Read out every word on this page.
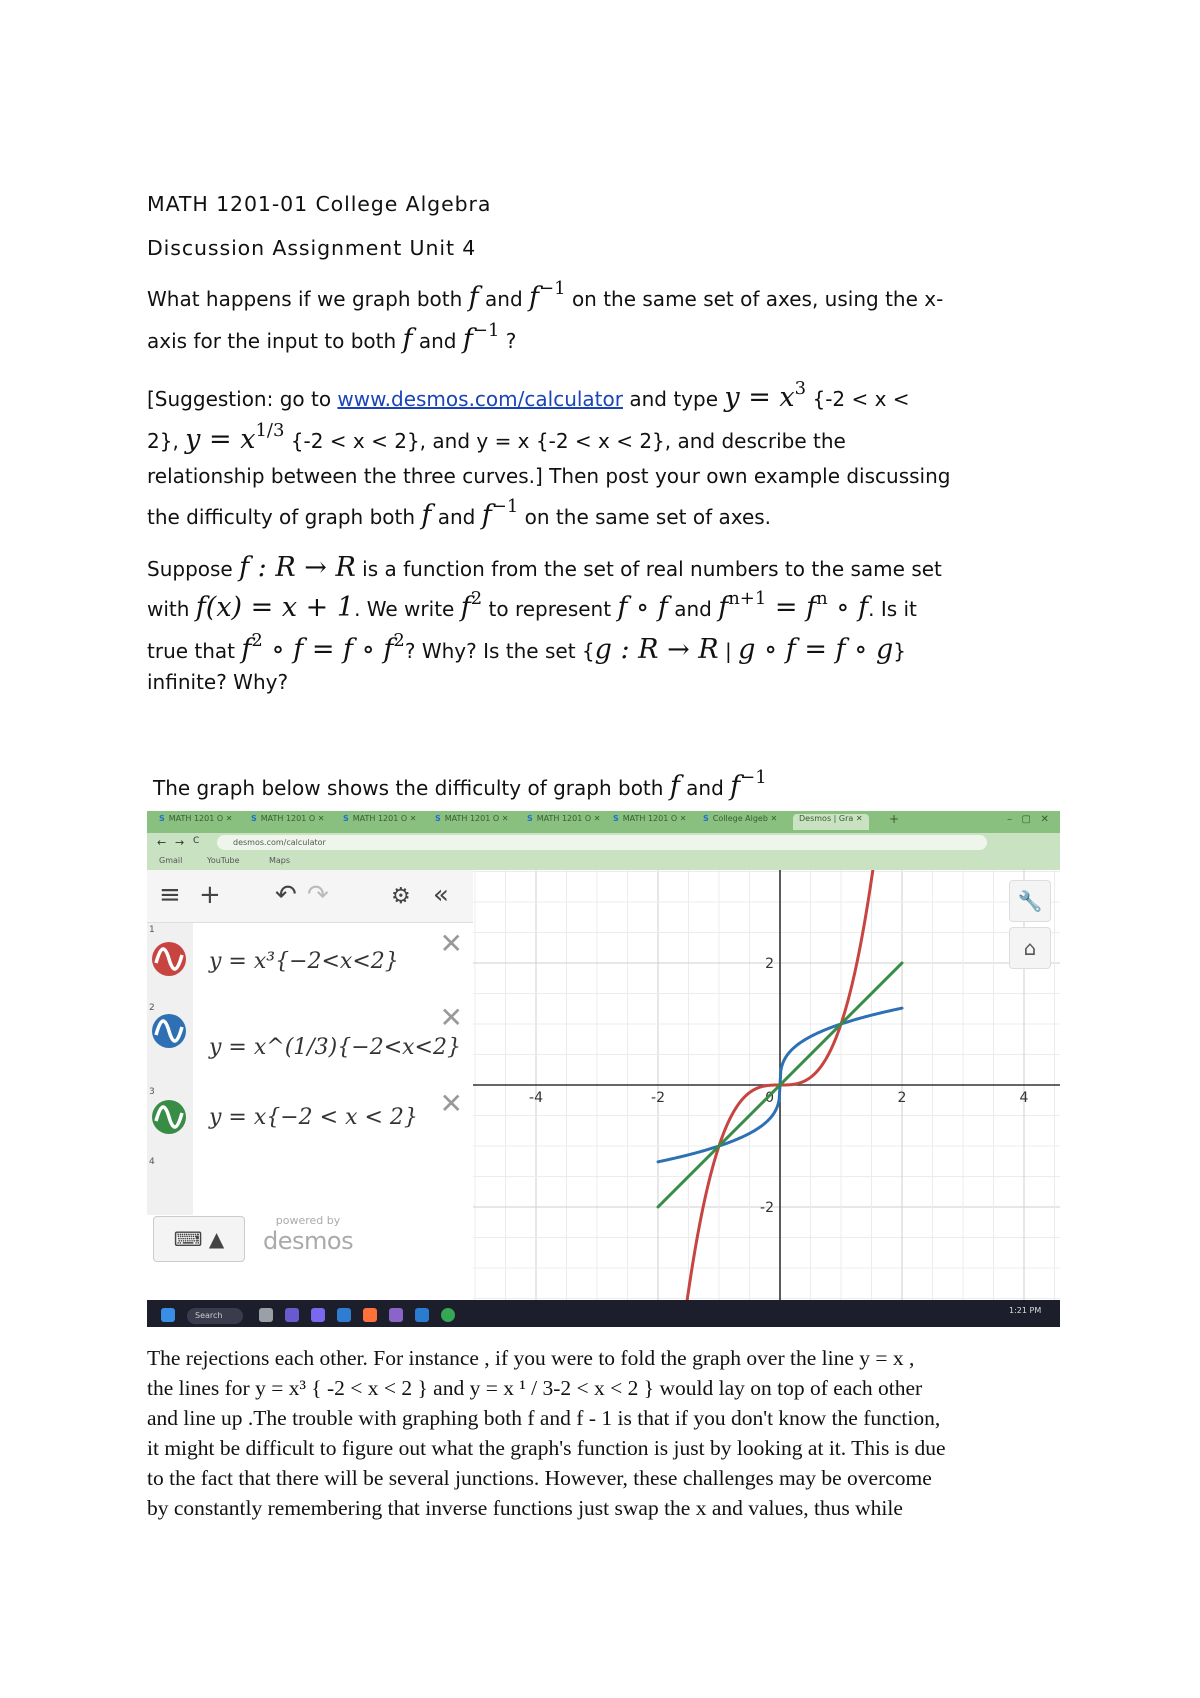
MATH 1201-01 College Algebra
Discussion Assignment Unit 4
What happens if we graph both f and f−1 on the same set of axes, using the x-
axis for the input to both f and f−1 ?
[Suggestion: go to www.desmos.com/calculator and type y = x3 {-2 < x <
2}, y = x1/3 {-2 < x < 2}, and y = x {-2 < x < 2}, and describe the
relationship between the three curves.] Then post your own example discussing
the difficulty of graph both f and f−1 on the same set of axes.
Suppose f : R → R is a function from the set of real numbers to the same set
with f(x) = x + 1. We write f2 to represent f ∘ f and fn+1 = fn ∘ f. Is it
true that f2 ∘ f = f ∘ f2? Why? Is the set {g : R → R | g ∘ f = f ∘ g}
infinite? Why?
The graph below shows the difficulty of graph both f and f−1
S MATH 1201 O ✕ S MATH 1201 O ✕ S MATH 1201 O ✕ S MATH 1201 O ✕ S MATH 1201 O ✕ S MATH 1201 O ✕ S College Algeb ✕	Desmos | Gra ✕	+	–   ▢   ✕
← → C	desmos.com/calculator
Gmail	YouTube	Maps
≡ + ↶ ↷	⚙ «
1
y = x³{−2<x<2}
✕
2
y = x^(1/3){−2<x<2}
✕
3
y = x{−2 < x < 2} ✕
4
⌨ ▲
powered by
desmos
-4	-2	2	4
-2
2
0
🔧
⌂
Search
1:21 PM
The rejections each other. For instance , if you were to fold the graph over the line y = x ,
the lines for y = x³ { -2 < x < 2 } and y = x ¹ / 3-2 < x < 2 } would lay on top of each other
and line up .The trouble with graphing both f and f - 1 is that if you don't know the function,
it might be difficult to figure out what the graph's function is just by looking at it. This is due
to the fact that there will be several junctions. However, these challenges may be overcome
by constantly remembering that inverse functions just swap the x and values, thus while
